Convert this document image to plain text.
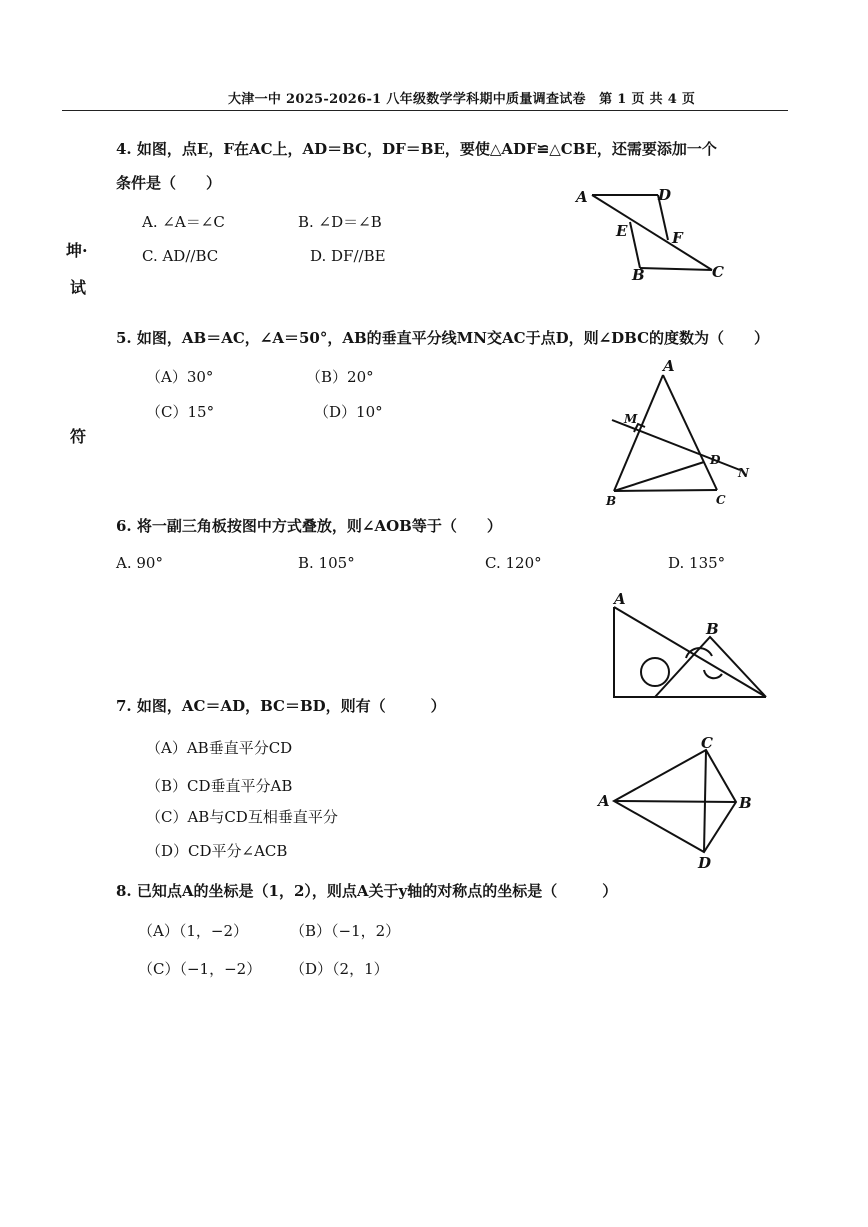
大津一中 2025-2026-1 八年级数学学科期中质量调查试卷　第 1 页 共 4 页
坤·
试
符
4. 如图，点E，F在AC上，AD＝BC，DF＝BE，要使△ADF≌△CBE，还需要添加一个
条件是（　　）
A. ∠A＝∠C	B. ∠D＝∠B
C. AD//BC	D. DF//BE
A	D
E	F
B	C
5. 如图，AB＝AC，∠A＝50°，AB的垂直平分线MN交AC于点D，则∠DBC的度数为（　　）
（A）30°	（B）20°
（C）15°	（D）10°
A
M
D
N
B	C
6. 将一副三角板按图中方式叠放，则∠AOB等于（　　）
A. 90°	B. 105°	C. 120°	D. 135°
A
B
7. 如图，AC＝AD，BC＝BD，则有（　　　）
（A）AB垂直平分CD
（B）CD垂直平分AB
（C）AB与CD互相垂直平分
（D）CD平分∠ACB
C
A	B
D
8. 已知点A的坐标是（1，2），则点A关于y轴的对称点的坐标是（　　　）
（A）（1，−2）	（B）（−1，2）
（C）（−1，−2） （D）（2，1）
